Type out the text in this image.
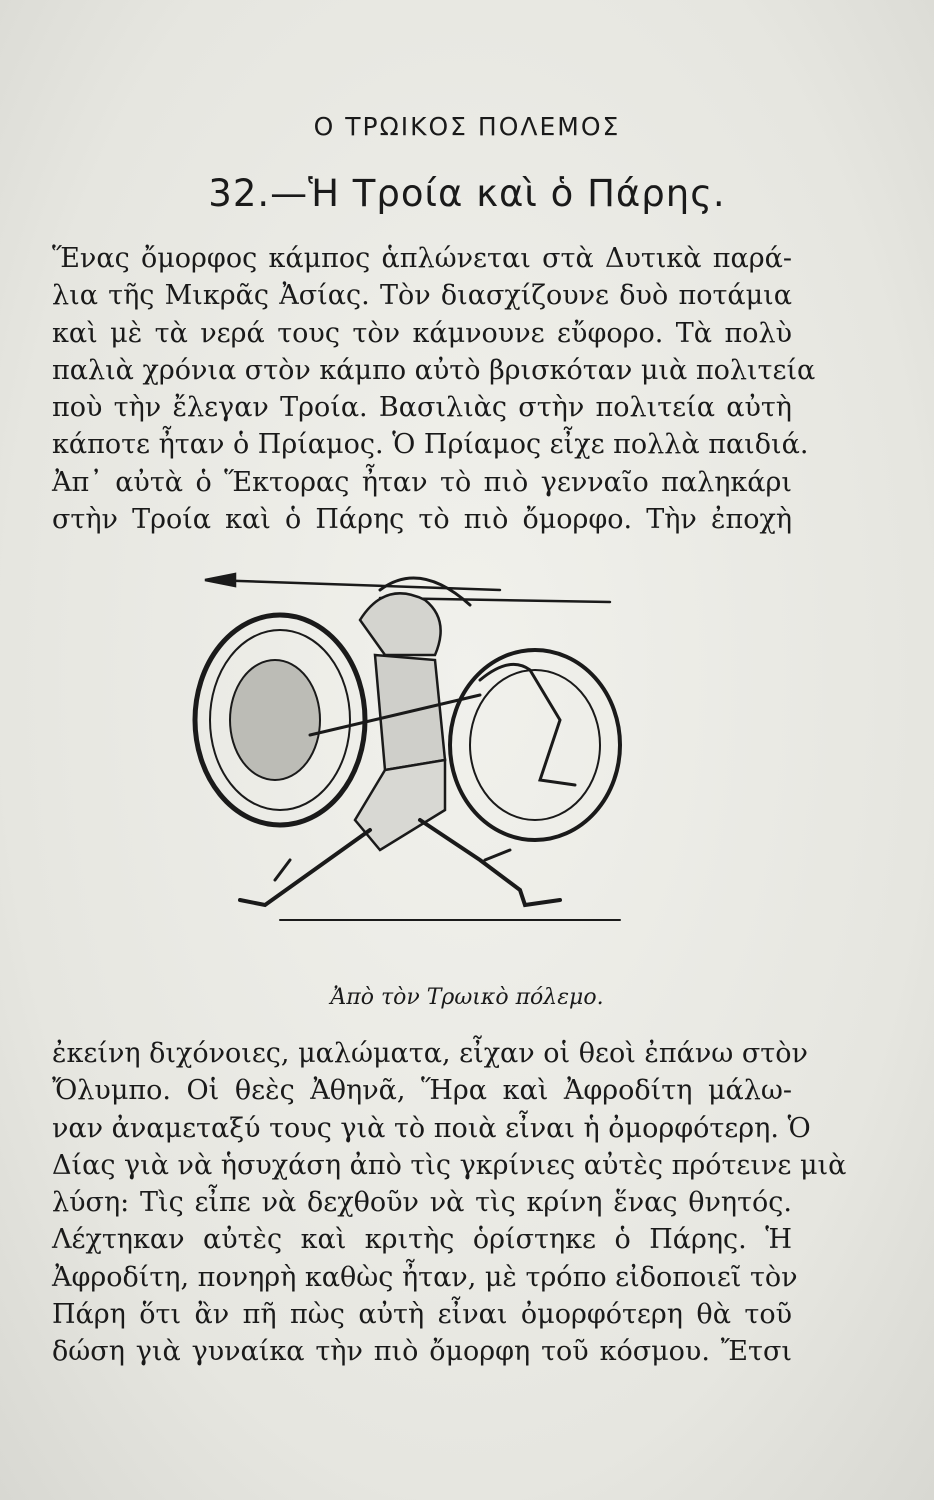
Ο ΤΡΩΙΚΟΣ ΠΟΛΕΜΟΣ
32.—Ἡ Τροία καὶ ὁ Πάρης.
Ἕνας ὄμορφος κάμπος ἁπλώνεται στὰ Δυτικὰ παρά-
λια τῆς Μικρᾶς Ἀσίας. Τὸν διασχίζουνε δυὸ ποτάμια
καὶ μὲ τὰ νερά τους τὸν κάμνουνε εὔφορο. Τὰ πολὺ
παλιὰ χρόνια στὸν κάμπο αὐτὸ βρισκόταν μιὰ πολιτεία
ποὺ τὴν ἔλεγαν Τροία. Βασιλιὰς στὴν πολιτεία αὐτὴ
κάποτε ἦταν ὁ Πρίαμος. Ὁ Πρίαμος εἶχε πολλὰ παιδιά.
Ἀπ᾿ αὐτὰ ὁ Ἕκτορας ἦταν τὸ πιὸ γενναῖο παληκάρι
στὴν Τροία καὶ ὁ Πάρης τὸ πιὸ ὄμορφο. Τὴν ἐποχὴ
Ἀπὸ τὸν Τρωικὸ πόλεμο.
ἐκείνη διχόνοιες, μαλώματα, εἶχαν οἱ θεοὶ ἐπάνω στὸν
Ὄλυμπο. Οἱ θεὲς Ἀθηνᾶ, Ἥρα καὶ Ἀφροδίτη μάλω-
ναν ἀναμεταξύ τους γιὰ τὸ ποιὰ εἶναι ἡ ὀμορφότερη. Ὁ
Δίας γιὰ νὰ ἡσυχάση ἀπὸ τὶς γκρίνιες αὐτὲς πρότεινε μιὰ
λύση: Τὶς εἶπε νὰ δεχθοῦν νὰ τὶς κρίνη ἕνας θνητός.
Λέχτηκαν αὐτὲς καὶ κριτὴς ὁρίστηκε ὁ Πάρης. Ἡ
Ἀφροδίτη, πονηρὴ καθὼς ἦταν, μὲ τρόπο εἰδοποιεῖ τὸν
Πάρη ὅτι ἂν πῆ πὼς αὐτὴ εἶναι ὀμορφότερη θὰ τοῦ
δώση γιὰ γυναίκα τὴν πιὸ ὄμορφη τοῦ κόσμου. Ἔτσι
